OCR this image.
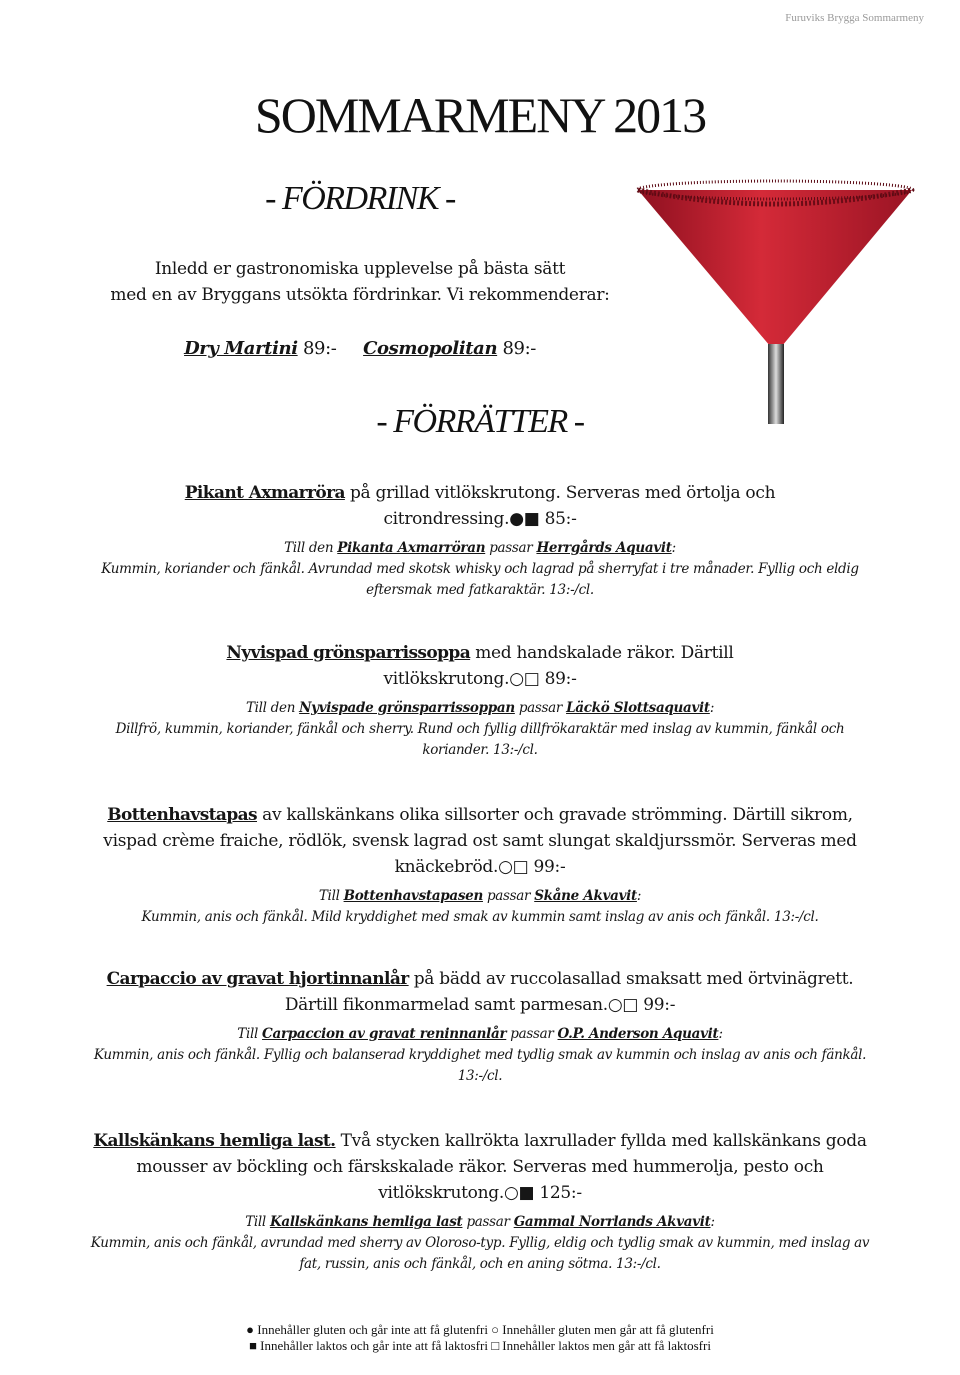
Furuviks Brygga Sommarmeny
SOMMARMENY 2013
- FÖRDRINK -
Inledd er gastronomiska upplevelse på bästa sätt
med en av Bryggans utsökta fördrinkar. Vi rekommenderar:
Dry Martini 89:- Cosmopolitan 89:-
- FÖRRÄTTER -
Pikant Axmarröra på grillad vitlökskrutong. Serveras med örtolja och citrondressing.●■ 85:-
Till den Pikanta Axmarröran passar Herrgårds Aquavit:
Kummin, koriander och fänkål. Avrundad med skotsk whisky och lagrad på sherryfat i tre månader. Fyllig och eldig eftersmak med fatkaraktär. 13:-/cl.
Nyvispad grönsparrissoppa med handskalade räkor. Därtill vitlökskrutong.○□ 89:-
Till den Nyvispade grönsparrissoppan passar Läckö Slottsaquavit:
Dillfrö, kummin, koriander, fänkål och sherry. Rund och fyllig dillfrökaraktär med inslag av kummin, fänkål och koriander. 13:-/cl.
Bottenhavstapas av kallskänkans olika sillsorter och gravade strömming. Därtill sikrom, vispad crème fraiche, rödlök, svensk lagrad ost samt slungat skaldjurssmör. Serveras med knäckebröd.○□ 99:-
Till Bottenhavstapasen passar Skåne Akvavit:
Kummin, anis och fänkål. Mild kryddighet med smak av kummin samt inslag av anis och fänkål. 13:-/cl.
Carpaccio av gravat hjortinnanlår på bädd av ruccolasallad smaksatt med örtvinägrett. Därtill fikonmarmelad samt parmesan.○□ 99:-
Till Carpaccion av gravat reninnanlår passar O.P. Anderson Aquavit:
Kummin, anis och fänkål. Fyllig och balanserad kryddighet med tydlig smak av kummin och inslag av anis och fänkål. 13:-/cl.
Kallskänkans hemliga last. Två stycken kallrökta laxrullader fyllda med kallskänkans goda mousser av böckling och färskskalade räkor. Serveras med hummerolja, pesto och vitlökskrutong.○■ 125:-
Till Kallskänkans hemliga last passar Gammal Norrlands Akvavit:
Kummin, anis och fänkål, avrundad med sherry av Oloroso-typ. Fyllig, eldig och tydlig smak av kummin, med inslag av fat, russin, anis och fänkål, och en aning sötma. 13:-/cl.
● Innehåller gluten och går inte att få glutenfri ○ Innehåller gluten men går att få glutenfri
■ Innehåller laktos och går inte att få laktosfri □ Innehåller laktos men går att få laktosfri
